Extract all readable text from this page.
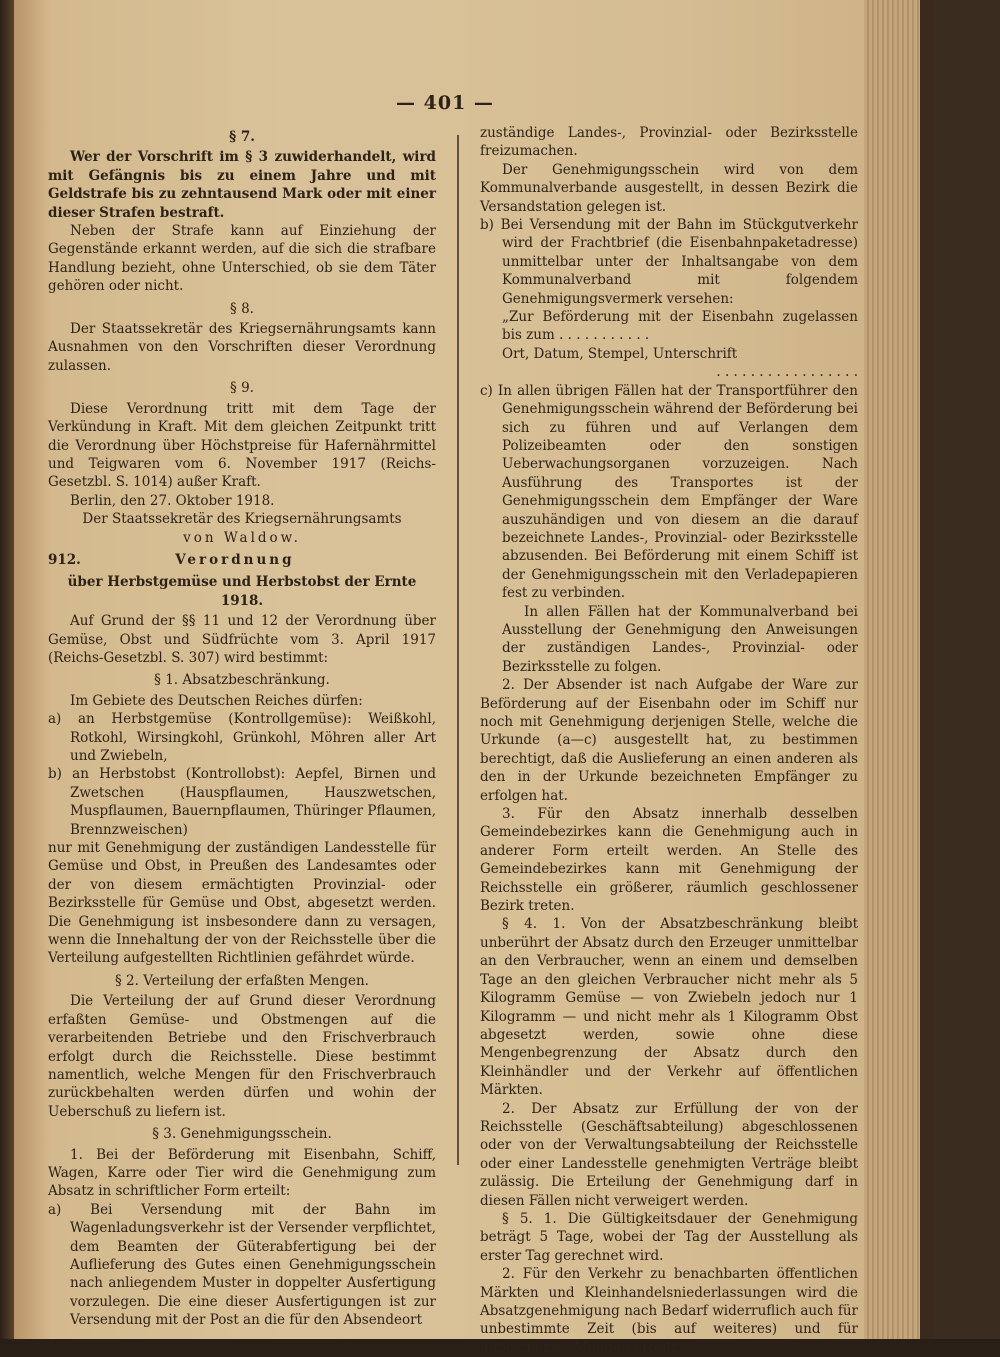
— 401 —

§ 7.

Wer der Vorschrift im § 3 zuwiderhandelt, wird mit Gefängnis bis zu einem Jahre und mit Geldstrafe bis zu zehntausend Mark oder mit einer dieser Strafen bestraft.

Neben der Strafe kann auf Einziehung der Gegenstände erkannt werden, auf die sich die strafbare Handlung bezieht, ohne Unterschied, ob sie dem Täter gehören oder nicht.

§ 8.

Der Staatssekretär des Kriegsernährungsamts kann Ausnahmen von den Vorschriften dieser Verordnung zulassen.

§ 9.

Diese Verordnung tritt mit dem Tage der Verkündung in Kraft. Mit dem gleichen Zeitpunkt tritt die Verordnung über Höchstpreise für Hafernährmittel und Teigwaren vom 6. November 1917 (Reichs-Gesetzbl. S. 1014) außer Kraft.

Berlin, den 27. Oktober 1918.

Der Staatssekretär des Kriegsernährungsamts

von Waldow.

912.	Verordnung

über Herbstgemüse und Herbstobst der Ernte 1918.

Auf Grund der §§ 11 und 12 der Verordnung über Gemüse, Obst und Südfrüchte vom 3. April 1917 (Reichs-Gesetzbl. S. 307) wird bestimmt:

§ 1. Absatzbeschränkung.

Im Gebiete des Deutschen Reiches dürfen:

a) an Herbstgemüse (Kontrollgemüse): Weißkohl, Rotkohl, Wirsingkohl, Grünkohl, Möhren aller Art und Zwiebeln,

b) an Herbstobst (Kontrollobst): Aepfel, Birnen und Zwetschen (Hauspflaumen, Hauszwetschen, Muspflaumen, Bauernpflaumen, Thüringer Pflaumen, Brennzweischen)

nur mit Genehmigung der zuständigen Landesstelle für Gemüse und Obst, in Preußen des Landesamtes oder der von diesem ermächtigten Provinzial- oder Bezirksstelle für Gemüse und Obst, abgesetzt werden. Die Genehmigung ist insbesondere dann zu versagen, wenn die Innehaltung der von der Reichsstelle über die Verteilung aufgestellten Richtlinien gefährdet würde.

§ 2. Verteilung der erfaßten Mengen.

Die Verteilung der auf Grund dieser Verordnung erfaßten Gemüse- und Obstmengen auf die verarbeitenden Betriebe und den Frischverbrauch erfolgt durch die Reichsstelle. Diese bestimmt namentlich, welche Mengen für den Frischverbrauch zurückbehalten werden dürfen und wohin der Ueberschuß zu liefern ist.

§ 3. Genehmigungsschein.

1. Bei der Beförderung mit Eisenbahn, Schiff, Wagen, Karre oder Tier wird die Genehmigung zum Absatz in schriftlicher Form erteilt:

a) Bei Versendung mit der Bahn im Wagenladungsverkehr ist der Versender verpflichtet, dem Beamten der Güterabfertigung bei der Auflieferung des Gutes einen Genehmigungsschein nach anliegendem Muster in doppelter Ausfertigung vorzulegen. Die eine dieser Ausfertigungen ist zur Versendung mit der Post an die für den Absendeort

zuständige Landes-, Provinzial- oder Bezirksstelle freizumachen.

Der Genehmigungsschein wird von dem Kommunalverbande ausgestellt, in dessen Bezirk die Versandstation gelegen ist.

b) Bei Versendung mit der Bahn im Stückgutverkehr wird der Frachtbrief (die Eisenbahnpaketadresse) unmittelbar unter der Inhaltsangabe von dem Kommunalverband mit folgendem Genehmigungsvermerk versehen:

„Zur Beförderung mit der Eisenbahn zugelassen bis zum . . . . . . . . . . .

Ort, Datum, Stempel, Unterschrift

. . . . . . . . . . . . . . . . .

c) In allen übrigen Fällen hat der Transportführer den Genehmigungsschein während der Beförderung bei sich zu führen und auf Verlangen dem Polizeibeamten oder den sonstigen Ueberwachungsorganen vorzuzeigen. Nach Ausführung des Transportes ist der Genehmigungsschein dem Empfänger der Ware auszuhändigen und von diesem an die darauf bezeichnete Landes-, Provinzial- oder Bezirksstelle abzusenden. Bei Beförderung mit einem Schiff ist der Genehmigungsschein mit den Verladepapieren fest zu verbinden.

In allen Fällen hat der Kommunalverband bei Ausstellung der Genehmigung den Anweisungen der zuständigen Landes-, Provinzial- oder Bezirksstelle zu folgen.

2. Der Absender ist nach Aufgabe der Ware zur Beförderung auf der Eisenbahn oder im Schiff nur noch mit Genehmigung derjenigen Stelle, welche die Urkunde (a—c) ausgestellt hat, zu bestimmen berechtigt, daß die Auslieferung an einen anderen als den in der Urkunde bezeichneten Empfänger zu erfolgen hat.

3. Für den Absatz innerhalb desselben Gemeindebezirkes kann die Genehmigung auch in anderer Form erteilt werden. An Stelle des Gemeindebezirkes kann mit Genehmigung der Reichsstelle ein größerer, räumlich geschlossener Bezirk treten.

§ 4. 1. Von der Absatzbeschränkung bleibt unberührt der Absatz durch den Erzeuger unmittelbar an den Verbraucher, wenn an einem und demselben Tage an den gleichen Verbraucher nicht mehr als 5 Kilogramm Gemüse — von Zwiebeln jedoch nur 1 Kilogramm — und nicht mehr als 1 Kilogramm Obst abgesetzt werden, sowie ohne diese Mengenbegrenzung der Absatz durch den Kleinhändler und der Verkehr auf öffentlichen Märkten.

2. Der Absatz zur Erfüllung der von der Reichsstelle (Geschäftsabteilung) abgeschlossenen oder von der Verwaltungsabteilung der Reichsstelle oder einer Landesstelle genehmigten Verträge bleibt zulässig. Die Erteilung der Genehmigung darf in diesen Fällen nicht verweigert werden.

§ 5. 1. Die Gültigkeitsdauer der Genehmigung beträgt 5 Tage, wobei der Tag der Ausstellung als erster Tag gerechnet wird.

2. Für den Verkehr zu benachbarten öffentlichen Märkten und Kleinhandelsniederlassungen wird die Absatzgenehmigung nach Bedarf widerruflich auch für unbestimmte Zeit (bis auf weiteres) und für unbestimmte Mengen erteilt.
